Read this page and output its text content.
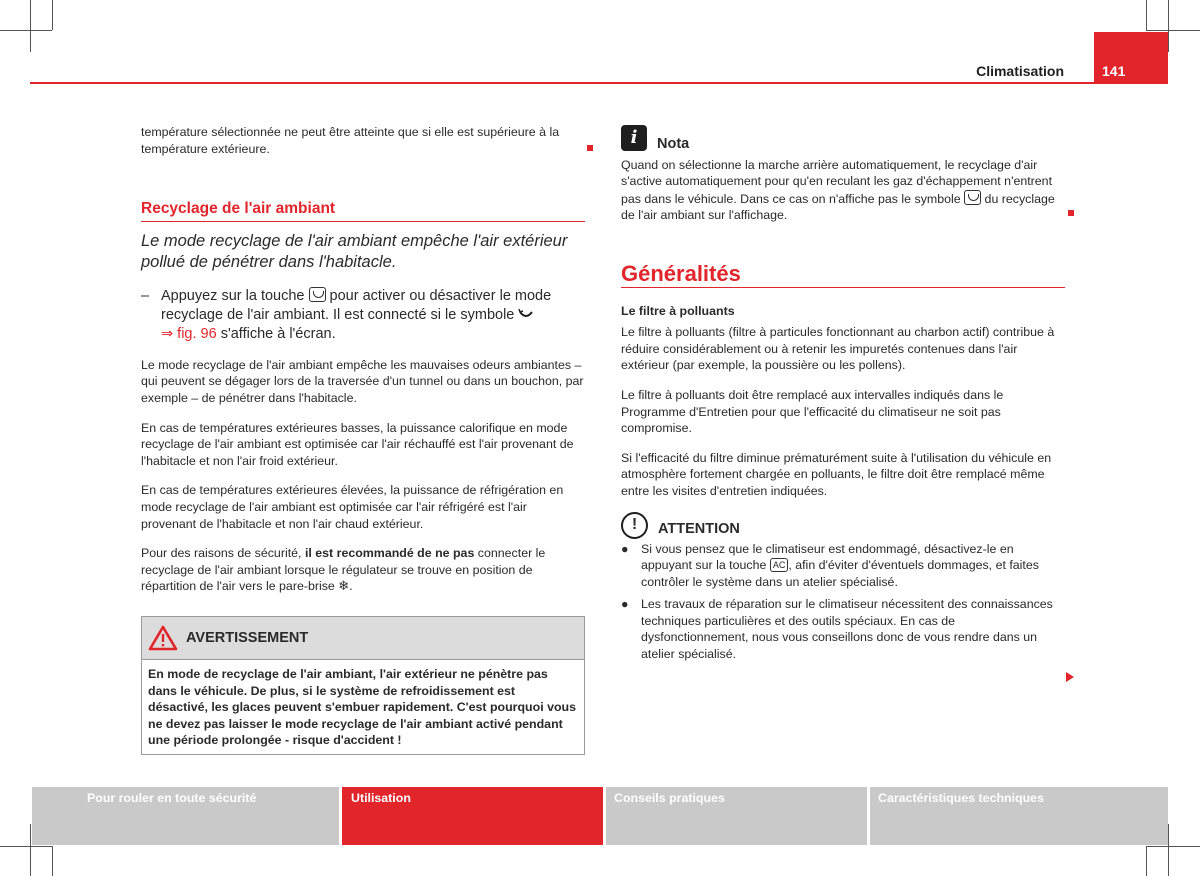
Climatisation	141

température sélectionnée ne peut être atteinte que si elle est supérieure à la température extérieure.

Recyclage de l'air ambiant

Le mode recyclage de l'air ambiant empêche l'air extérieur pollué de pénétrer dans l'habitacle.

– Appuyez sur la touche pour activer ou désactiver le mode recyclage de l'air ambiant. Il est connecté si le symbole
⇒ fig. 96 s'affiche à l'écran.

Le mode recyclage de l'air ambiant empêche les mauvaises odeurs ambiantes – qui peuvent se dégager lors de la traversée d'un tunnel ou dans un bouchon, par exemple – de pénétrer dans l'habitacle.

En cas de températures extérieures basses, la puissance calorifique en mode recyclage de l'air ambiant est optimisée car l'air réchauffé est l'air provenant de l'habitacle et non l'air froid extérieur.

En cas de températures extérieures élevées, la puissance de réfrigération en mode recyclage de l'air ambiant est optimisée car l'air réfrigéré est l'air provenant de l'habitacle et non l'air chaud extérieur.

Pour des raisons de sécurité, il est recommandé de ne pas connecter le recyclage de l'air ambiant lorsque le régulateur se trouve en position de répartition de l'air vers le pare-brise ❄.

AVERTISSEMENT
En mode de recyclage de l'air ambiant, l'air extérieur ne pénètre pas dans le véhicule. De plus, si le système de refroidissement est désactivé, les glaces peuvent s'embuer rapidement. C'est pourquoi vous ne devez pas laisser le mode recyclage de l'air ambiant activé pendant une période prolongée - risque d'accident !
i	Nota

Quand on sélectionne la marche arrière automatiquement, le recyclage d'air s'active automatiquement pour qu'en reculant les gaz d'échappement n'entrent pas dans le véhicule. Dans ce cas on n'affiche pas le symbole du recyclage de l'air ambiant sur l'affichage.

Généralités

Le filtre à polluants

Le filtre à polluants (filtre à particules fonctionnant au charbon actif) contribue à réduire considérablement ou à retenir les impuretés contenues dans l'air extérieur (par exemple, la poussière ou les pollens).

Le filtre à polluants doit être remplacé aux intervalles indiqués dans le Programme d'Entretien pour que l'efficacité du climatiseur ne soit pas compromise.

Si l'efficacité du filtre diminue prématurément suite à l'utilisation du véhicule en atmosphère fortement chargée en polluants, le filtre doit être remplacé même entre les visites d'entretien indiquées.

!	ATTENTION
● Si vous pensez que le climatiseur est endommagé, désactivez-le en appuyant sur la touche AC , afin d'éviter d'éventuels dommages, et faites contrôler le système dans un atelier spécialisé.
● Les travaux de réparation sur le climatiseur nécessitent des connaissances techniques particulières et des outils spéciaux. En cas de dysfonctionnement, nous vous conseillons donc de vous rendre dans un atelier spécialisé.
Pour rouler en toute sécurité	Utilisation	Conseils pratiques	Caractéristiques techniques
